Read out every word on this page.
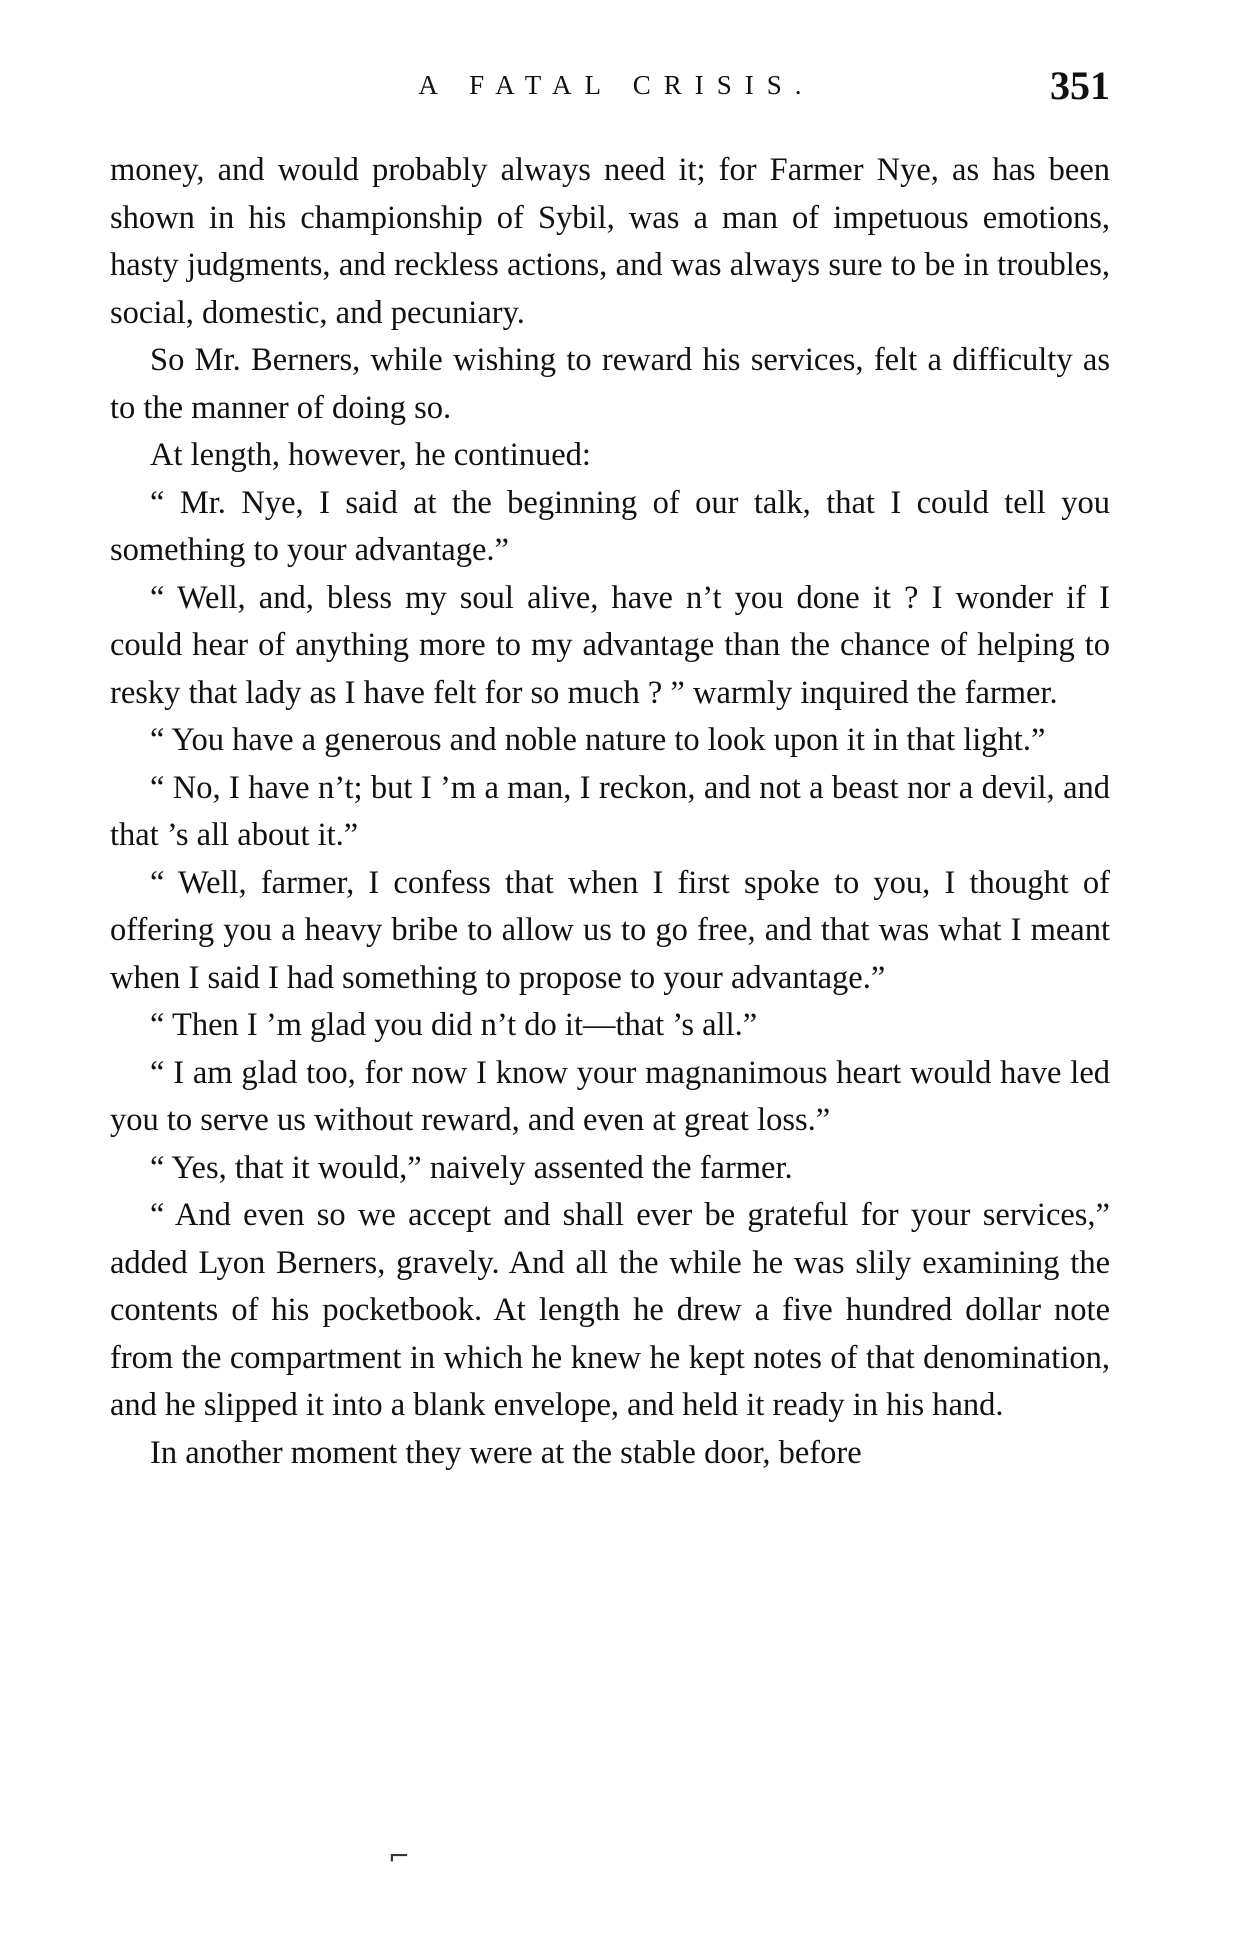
A FATAL CRISIS.	351

money, and would probably always need it; for Farmer Nye, as has been shown in his championship of Sybil, was a man of impetuous emotions, hasty judgments, and reckless actions, and was always sure to be in troubles, social, domestic, and pecuniary.

So Mr. Berners, while wishing to reward his services, felt a difficulty as to the manner of doing so.

At length, however, he continued:

“ Mr. Nye, I said at the beginning of our talk, that I could tell you something to your advantage.”

“ Well, and, bless my soul alive, have n’t you done it ? I wonder if I could hear of anything more to my advantage than the chance of helping to resky that lady as I have felt for so much ? ” warmly inquired the farmer.

“ You have a generous and noble nature to look upon it in that light.”

“ No, I have n’t; but I ’m a man, I reckon, and not a beast nor a devil, and that ’s all about it.”

“ Well, farmer, I confess that when I first spoke to you, I thought of offering you a heavy bribe to allow us to go free, and that was what I meant when I said I had something to propose to your advantage.”

“ Then I ’m glad you did n’t do it—that ’s all.”

“ I am glad too, for now I know your magnanimous heart would have led you to serve us without reward, and even at great loss.”

“ Yes, that it would,” naively assented the farmer.

“ And even so we accept and shall ever be grateful for your services,” added Lyon Berners, gravely. And all the while he was slily examining the contents of his pocketbook. At length he drew a five hundred dollar note from the compartment in which he knew he kept notes of that denomination, and he slipped it into a blank envelope, and held it ready in his hand.

In another moment they were at the stable door, before

⌐
